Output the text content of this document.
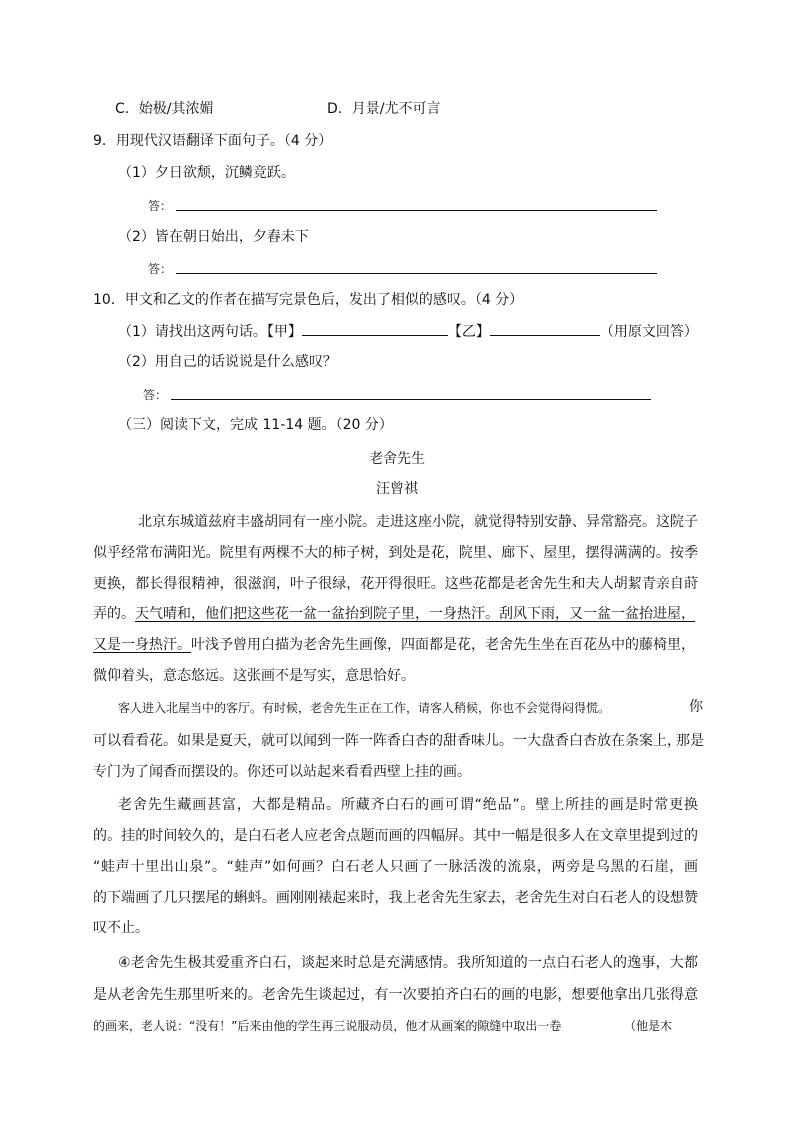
C．始极/其浓媚	D．月景/尤不可言
9．用现代汉语翻译下面句子。（4 分）
（1）夕日欲颓，沉鳞竞跃。
答：
（2）皆在朝日始出，夕舂未下
答：
10．甲文和乙文的作者在描写完景色后，发出了相似的感叹。（4 分）
（1）请找出这两句话。【甲】	【乙】	（用原文回答）
（2）用自己的话说说是什么感叹？
答：
（三）阅读下文，完成 11-14 题。（20 分）
老舍先生
汪曾祺
北京东城道兹府丰盛胡同有一座小院。走进这座小院，就觉得特别安静、异常豁亮。这院子
似乎经常布满阳光。院里有两棵不大的柿子树，到处是花，院里、廊下、屋里，摆得满满的。按季
更换，都长得很精神，很滋润，叶子很绿，花开得很旺。这些花都是老舍先生和夫人胡絜青亲自莳
弄的。天气晴和，他们把这些花一盆一盆抬到院子里，一身热汗。刮风下雨，又一盆一盆抬进屋，
又是一身热汗。叶浅予曾用白描为老舍先生画像，四面都是花，老舍先生坐在百花丛中的藤椅里，
微仰着头，意态悠远。这张画不是写实，意思恰好。
客人进入北屋当中的客厅。有时候，老舍先生正在工作，请客人稍候，你也不会觉得闷得慌。	你
可以看看花。如果是夏天，就可以闻到一阵一阵香白杏的甜香味儿。一大盘香白杏放在条案上，
那是
专门为了闻香而摆设的。你还可以站起来看看西壁上挂的画。
老舍先生藏画甚富，大都是精品。所藏齐白石的画可谓“绝品”。壁上所挂的画是时常更换
的。挂的时间较久的，是白石老人应老舍点题而画的四幅屏。其中一幅是很多人在文章里提到过的
“蛙声十里出山泉”。“蛙声”如何画？白石老人只画了一脉活泼的流泉，两旁是乌黑的石崖，画
的下端画了几只摆尾的蝌蚪。画刚刚裱起来时，我上老舍先生家去，老舍先生对白石老人的设想赞
叹不止。
④老舍先生极其爱重齐白石，谈起来时总是充满感情。我所知道的一点白石老人的逸事，大都
是从老舍先生那里听来的。老舍先生谈起过，有一次要拍齐白石的画的电影，想要他拿出几张得意
的画来，老人说：“没有！”后来由他的学生再三说服动员，他才从画案的隙缝中取出一卷	（他是木
